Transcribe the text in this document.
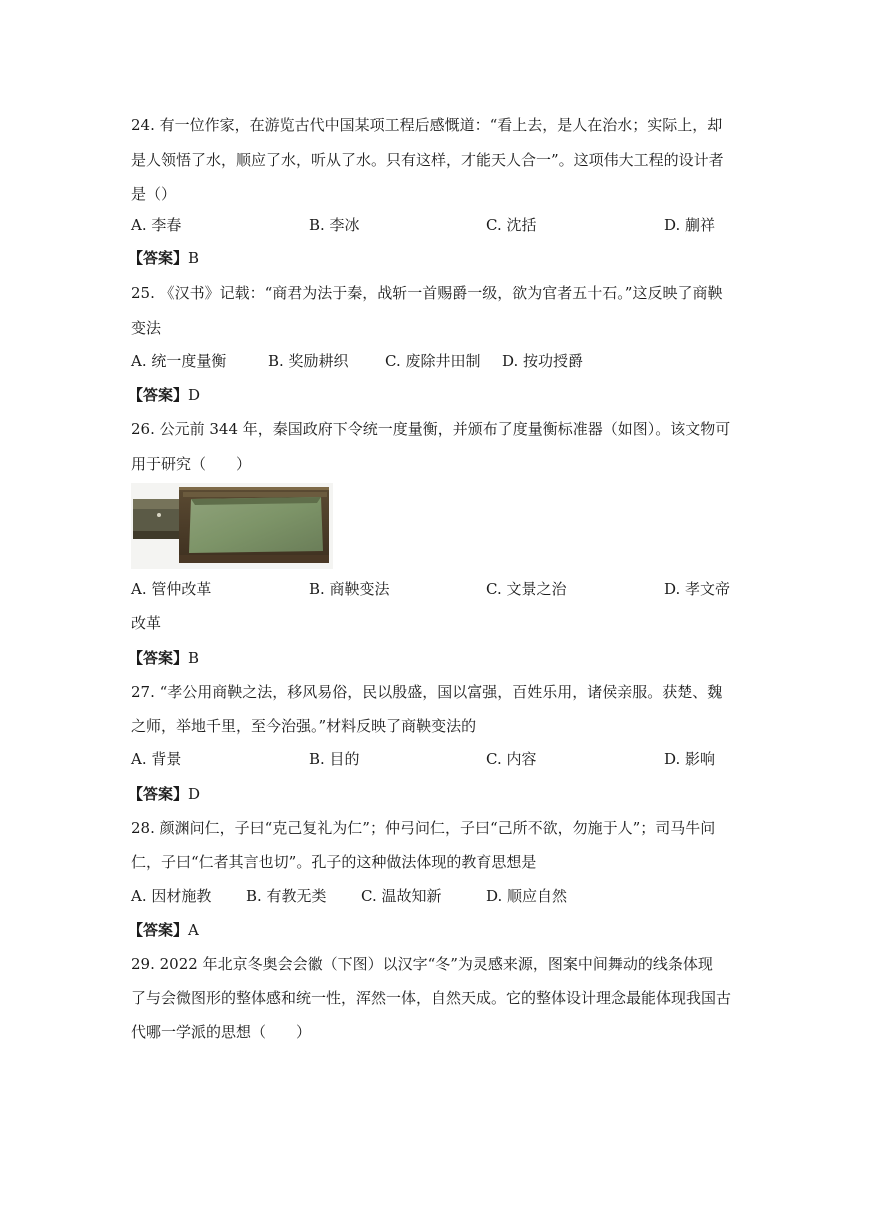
24. 有一位作家，在游览古代中国某项工程后感慨道：“看上去，是人在治水；实际上，却
是人领悟了水，顺应了水，听从了水。只有这样，才能天人合一”。这项伟大工程的设计者
是（）
A. 李春	B. 李冰	C. 沈括	D. 蒯祥
【答案】B
25. 《汉书》记载：“商君为法于秦，战斩一首赐爵一级，欲为官者五十石。”这反映了商鞅
变法
A. 统一度量衡	B. 奖励耕织 C. 废除井田制 D. 按功授爵
【答案】D
26. 公元前 344 年，秦国政府下令统一度量衡，并颁布了度量衡标准器（如图）。该文物可
用于研究（　　）
A. 管仲改革	B. 商鞅变法	C. 文景之治	D. 孝文帝
改革
【答案】B
27. “孝公用商鞅之法，移风易俗，民以殷盛，国以富强，百姓乐用，诸侯亲服。获楚、魏
之师，举地千里，至今治强。”材料反映了商鞅变法的
A. 背景	B. 目的	C. 内容	D. 影响
【答案】D
28. 颜渊问仁，子曰“克己复礼为仁”；仲弓问仁，子曰“己所不欲，勿施于人”；司马牛问
仁，子曰“仁者其言也切”。孔子的这种做法体现的教育思想是
A. 因材施教 B. 有教无类 C. 温故知新	D. 顺应自然
【答案】A
29. 2022 年北京冬奥会会徽（下图）以汉字“冬”为灵感来源，图案中间舞动的线条体现
了与会微图形的整体感和统一性，浑然一体，自然天成。它的整体设计理念最能体现我国古
代哪一学派的思想（　　）
